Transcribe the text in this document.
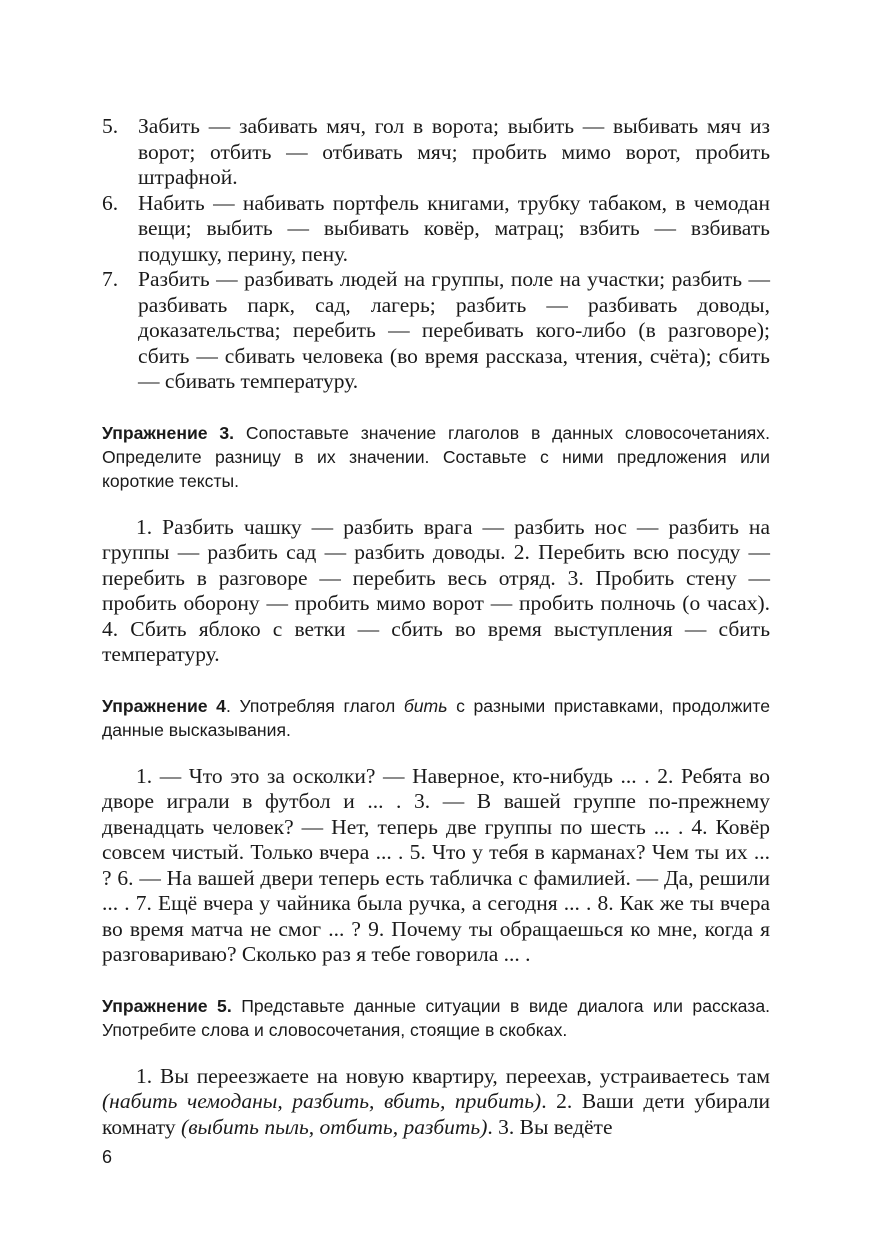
5. Забить — забивать мяч, гол в ворота; выбить — выбивать мяч из ворот; отбить — отбивать мяч; пробить мимо ворот, пробить штрафной.
6. Набить — набивать портфель книгами, трубку табаком, в чемодан вещи; выбить — выбивать ковёр, матрац; взбить — взбивать подушку, перину, пену.
7. Разбить — разбивать людей на группы, поле на участки; разбить — разбивать парк, сад, лагерь; разбить — разбивать доводы, доказательства; перебить — перебивать кого-либо (в разговоре); сбить — сбивать человека (во время рассказа, чтения, счёта); сбить — сбивать температуру.
Упражнение 3. Сопоставьте значение глаголов в данных словосочетаниях. Определите разницу в их значении. Составьте с ними предложения или короткие тексты.
1. Разбить чашку — разбить врага — разбить нос — разбить на группы — разбить сад — разбить доводы. 2. Перебить всю посуду — перебить в разговоре — перебить весь отряд. 3. Пробить стену — пробить оборону — пробить мимо ворот — пробить полночь (о часах). 4. Сбить яблоко с ветки — сбить во время выступления — сбить температуру.
Упражнение 4. Употребляя глагол бить с разными приставками, продолжите данные высказывания.
1. — Что это за осколки? — Наверное, кто-нибудь ... . 2. Ребята во дворе играли в футбол и ... . 3. — В вашей группе по-прежнему двенадцать человек? — Нет, теперь две группы по шесть ... . 4. Ковёр совсем чистый. Только вчера ... . 5. Что у тебя в карманах? Чем ты их ... ? 6. — На вашей двери теперь есть табличка с фамилией. — Да, решили ... . 7. Ещё вчера у чайника была ручка, а сегодня ... . 8. Как же ты вчера во время матча не смог ... ? 9. Почему ты обращаешься ко мне, когда я разговариваю? Сколько раз я тебе говорила ... .
Упражнение 5. Представьте данные ситуации в виде диалога или рассказа. Употребите слова и словосочетания, стоящие в скобках.
1. Вы переезжаете на новую квартиру, переехав, устраиваетесь там (набить чемоданы, разбить, вбить, прибить). 2. Ваши дети убирали комнату (выбить пыль, отбить, разбить). 3. Вы ведёте
6
